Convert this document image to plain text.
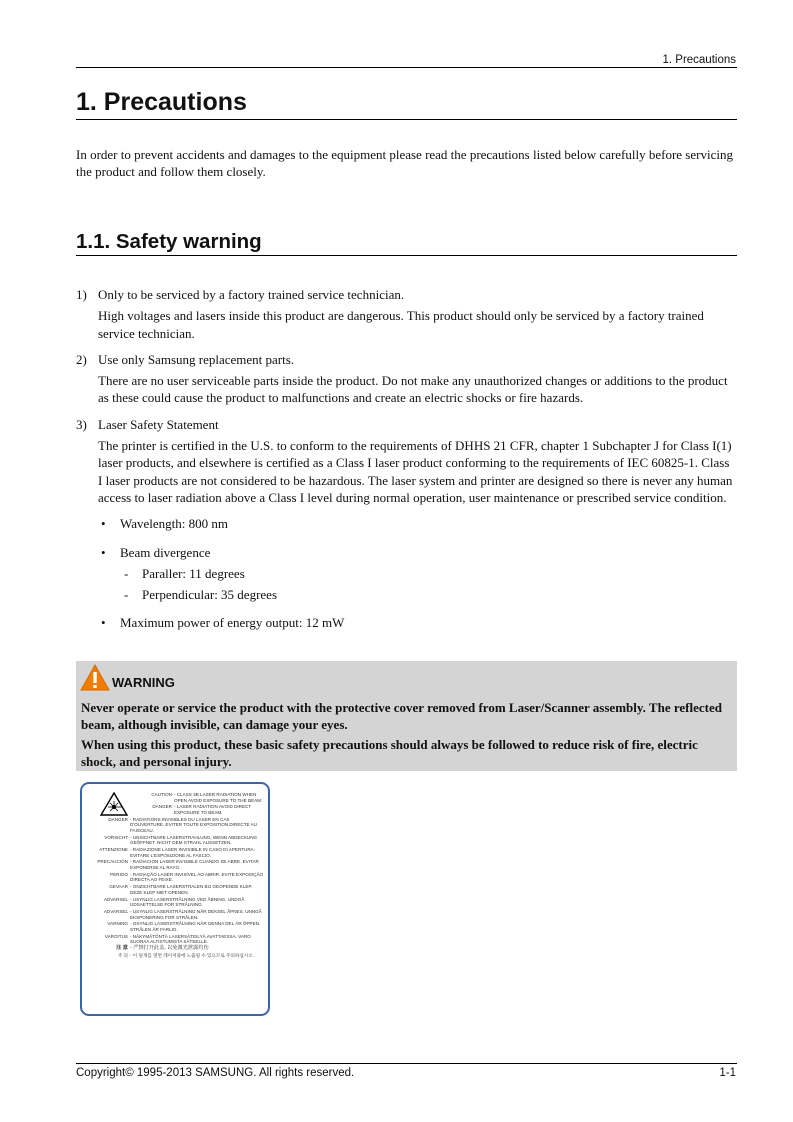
1. Precautions
1. Precautions

In order to prevent accidents and damages to the equipment please read the precautions listed below carefully before servicing the product and follow them closely.

1.1. Safety warning
1) Only to be serviced by a factory trained service technician.

High voltages and lasers inside this product are dangerous. This product should only be serviced by a factory trained service technician.

2) Use only Samsung replacement parts.

There are no user serviceable parts inside the product. Do not make any unauthorized changes or additions to the product as these could cause the product to malfunctions and create an electric shocks or fire hazards.

3) Laser Safety Statement

The printer is certified in the U.S. to conform to the requirements of DHHS 21 CFR, chapter 1 Subchapter J for Class I(1) laser products, and elsewhere is certified as a Class I laser product conforming to the requirements of IEC 60825-1. Class I laser products are not considered to be hazardous. The laser system and printer are designed so there is never any human access to laser radiation above a Class I level during normal operation, user maintenance or prescribed service condition.

• Wavelength: 800 nm
• Beam divergence
- Paraller: 11 degrees
- Perpendicular: 35 degrees
• Maximum power of energy output: 12 mW
WARNING

Never operate or service the product with the protective cover removed from Laser/Scanner assembly. The reflected beam, although invisible, can damage your eyes.

When using this product, these basic safety precautions should always be followed to reduce risk of fire, electric shock, and personal injury.

CAUTION - CLASS 3B LASER RADIATION WHEN OPEN AVOID EXPOSURE TO THE BEAM.
DANGER - LASER RADIATION AVOID DIRECT EXPOSURE TO BEAM.
DANGER - RADIATIONS INVISIBLES DU LASER EN CAS D'OUVERTURE. EVITER TOUTE EXPOSITION DIRECTE AU FAISCEAU.
VORSICHT - UNSICHTBARE LASERSTRAHLUNG, WENN ABDECKUNG GEÖFFNET. NICHT DEM STRAHL AUSSETZEN.
ATTENZIONE - RADIAZIONE LASER INVISIBILE IN CASO DI APERTURA. EVITARE L'ESPOSIZIONE AL FASCIO.
PRECAUCIÓN - RADIACIÓN LASER INVISIBLE CUANDO SE ABRE. EVITAR EXPONERSE AL RAYO.
PERIGO - RADIAÇÃO LASER INVISÍVEL AO ABRIR. EVITE EXPOSIÇÃO DIRECTA AO FEIXE.
GEVAAR - ONZICHTBARE LASERSTRALEN BIJ GEOPENDE KLEP. DEZE KLEP NIET OPENEN.
ADVARSEL - USYNLIG LASERSTRÅLNING VED ÅBNING. UNDGÅ UDSAETTELSE FOR STRÅLNING.
ADVARSEL - USYNLIG LASERSTRÅLNING NÅR DEKSEL ÅPNES. UNNGÅ EKSPONERING FOR STRÅLEN.
VARNING - OSYNLIG LASERSTRÅLNING NÄR DENNA DEL ÄR ÖPPEN. STRÅLEN ÄR FARLIG.
VAROITUS - NÄKYMÄTÖNTÄ LASERSÄTEILYÄ AVATTAESSA. VARO SUORAA ALTISTUMISTA SÄTEELLE.
注 意 - 严禁打开此盖, 以免激光泄露灼伤
주 의 - 이 덮개를 열면 레이저광에 노출될 수 있으므로 주의하십시오.
Copyright© 1995-2013 SAMSUNG. All rights reserved.	1-1
